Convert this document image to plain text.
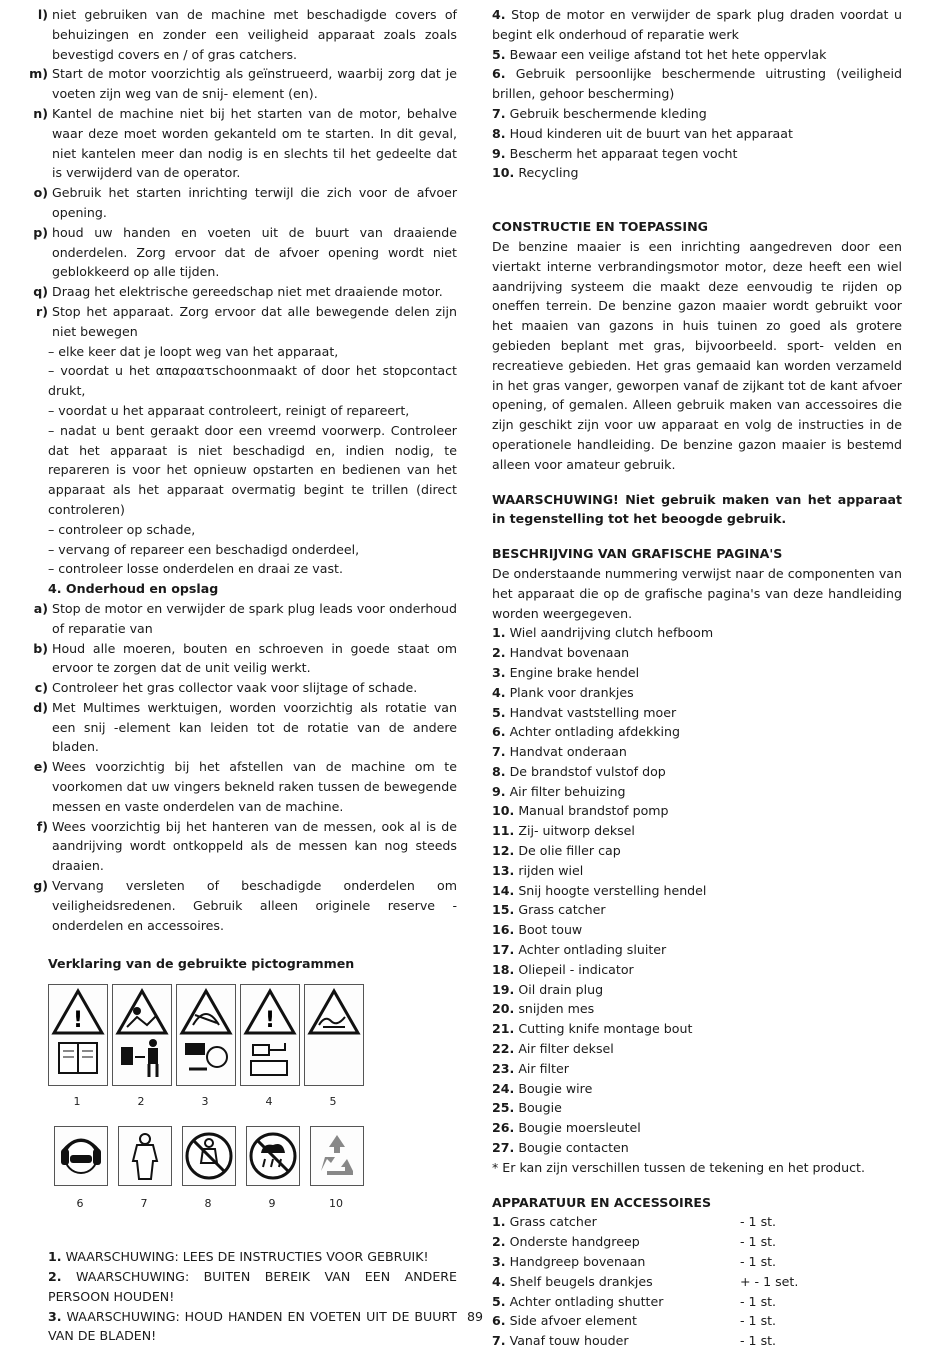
l) niet gebruiken van de machine met beschadigde covers of behuizingen en zonder een veiligheid apparaat zoals zoals bevestigd covers en / of gras catchers.
m) Start de motor voorzichtig als geïnstrueerd, waarbij zorg dat je voeten zijn weg van de snij- element (en).
n) Kantel de machine niet bij het starten van de motor, behalve waar deze moet worden gekanteld om te starten. In dit geval, niet kantelen meer dan nodig is en slechts til het gedeelte dat is verwijderd van de operator.
o) Gebruik het starten inrichting terwijl die zich voor de afvoer opening.
p) houd uw handen en voeten uit de buurt van draaiende onderdelen. Zorg ervoor dat de afvoer opening wordt niet geblokkeerd op alle tijden.
q) Draag het elektrische gereedschap niet met draaiende motor.
r) Stop het apparaat. Zorg ervoor dat alle bewegende delen zijn niet bewegen
– elke keer dat je loopt weg van het apparaat,
– voordat u het απαραατschoonmaakt of door het stopcontact drukt,
– voordat u het apparaat controleert, reinigt of repareert,
– nadat u bent geraakt door een vreemd voorwerp. Controleer dat het apparaat is niet beschadigd en, indien nodig, te repareren is voor het opnieuw opstarten en bedienen van het apparaat als het apparaat overmatig begint te trillen (direct controleren)
– controleer op schade,
– vervang of repareer een beschadigd onderdeel,
– controleer losse onderdelen en draai ze vast.
4. Onderhoud en opslag
a) Stop de motor en verwijder de spark plug leads voor onderhoud of reparatie van
b) Houd alle moeren, bouten en schroeven in goede staat om ervoor te zorgen dat de unit veilig werkt.
c) Controleer het gras collector vaak voor slijtage of schade.
d) Met Multimes werktuigen, worden voorzichtig als rotatie van een snij -element kan leiden tot de rotatie van de andere bladen.
e) Wees voorzichtig bij het afstellen van de machine om te voorkomen dat uw vingers bekneld raken tussen de bewegende messen en vaste onderdelen van de machine.
f) Wees voorzichtig bij het hanteren van de messen, ook al is de aandrijving wordt ontkoppeld als de messen kan nog steeds draaien.
g) Vervang versleten of beschadigde onderdelen om veiligheidsredenen. Gebruik alleen originele reserve -onderdelen en accessoires.
Verklaring van de gebruikte pictogrammen
!
1	2	3
!
4	5
6	7	8	9	10
1. WAARSCHUWING: LEES DE INSTRUCTIES VOOR GEBRUIK!
2. WAARSCHUWING: BUITEN BEREIK VAN EEN ANDERE PERSOON HOUDEN!
3. WAARSCHUWING: HOUD HANDEN EN VOETEN UIT DE BUURT VAN DE BLADEN!
4. Stop de motor en verwijder de spark plug draden voordat u begint elk onderhoud of reparatie werk
5. Bewaar een veilige afstand tot het hete oppervlak
6. Gebruik persoonlijke beschermende uitrusting (veiligheid brillen, gehoor bescherming)
7. Gebruik beschermende kleding
8. Houd kinderen uit de buurt van het apparaat
9. Bescherm het apparaat tegen vocht
10. Recycling
CONSTRUCTIE EN TOEPASSING
De benzine maaier is een inrichting aangedreven door een viertakt interne verbrandingsmotor motor, deze heeft een wiel aandrijving systeem die maakt deze eenvoudig te rijden op oneffen terrein. De benzine gazon maaier wordt gebruikt voor het maaien van gazons in huis tuinen zo goed als grotere gebieden beplant met gras, bijvoorbeeld. sport- velden en recreatieve gebieden. Het gras gemaaid kan worden verzameld in het gras vanger, geworpen vanaf de zijkant tot de kant afvoer opening, of gemalen. Alleen gebruik maken van accessoires die zijn geschikt zijn voor uw apparaat en volg de instructies in de operationele handleiding. De benzine gazon maaier is bestemd alleen voor amateur gebruik.
WAARSCHUWING! Niet gebruik maken van het apparaat in tegenstelling tot het beoogde gebruik.
BESCHRIJVING VAN GRAFISCHE PAGINA'S
De onderstaande nummering verwijst naar de componenten van het apparaat die op de grafische pagina's van deze handleiding worden weergegeven.
1. Wiel aandrijving clutch hefboom
2. Handvat bovenaan
3. Engine brake hendel
4. Plank voor drankjes
5. Handvat vaststelling moer
6. Achter ontlading afdekking
7. Handvat onderaan
8. De brandstof vulstof dop
9. Air filter behuizing
10. Manual brandstof pomp
11. Zij- uitworp deksel
12. De olie filler cap
13. rijden wiel
14. Snij hoogte verstelling hendel
15. Grass catcher
16. Boot touw
17. Achter ontlading sluiter
18. Oliepeil - indicator
19. Oil drain plug
20. snijden mes
21. Cutting knife montage bout
22. Air filter deksel
23. Air filter
24. Bougie wire
25. Bougie
26. Bougie moersleutel
27. Bougie contacten
* Er kan zijn verschillen tussen de tekening en het product.
APPARATUUR EN ACCESSOIRES
1. Grass catcher	- 1 st.
2. Onderste handgreep	- 1 st.
3. Handgreep bovenaan	- 1 st.
4. Shelf beugels drankjes	+ - 1 set.
5. Achter ontlading shutter	- 1 st.
6. Side afvoer element	- 1 st.
7. Vanaf touw houder	- 1 st.
89
